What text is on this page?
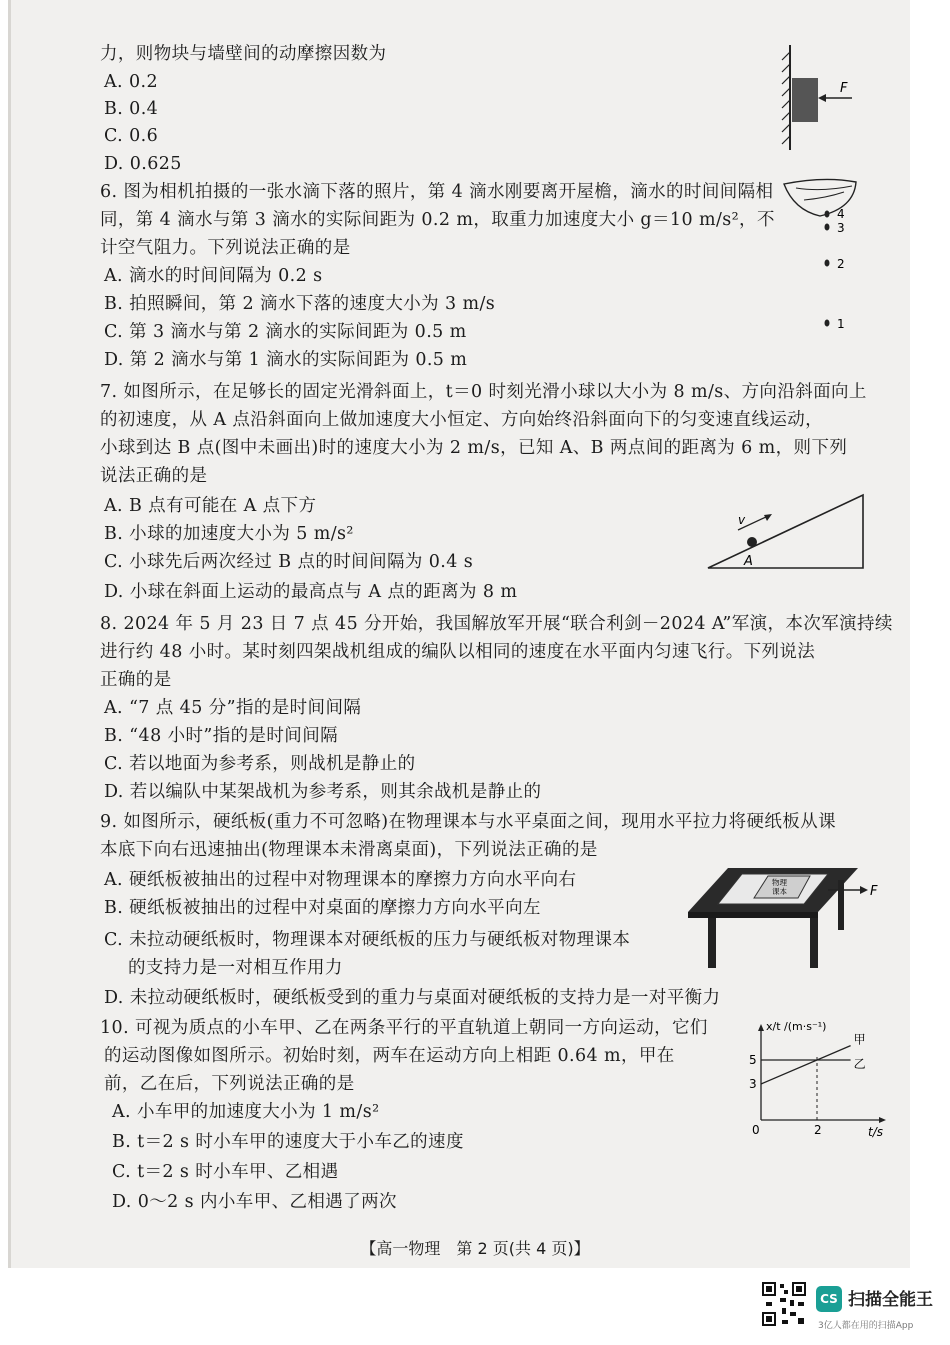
力，则物块与墙壁间的动摩擦因数为
A. 0.2
B. 0.4
C. 0.6
D. 0.625
F
6. 图为相机拍摄的一张水滴下落的照片，第 4 滴水刚要离开屋檐，滴水的时间间隔相
同，第 4 滴水与第 3 滴水的实际间距为 0.2 m，取重力加速度大小 g＝10 m/s²，不
计空气阻力。下列说法正确的是
A. 滴水的时间间隔为 0.2 s
B. 拍照瞬间，第 2 滴水下落的速度大小为 3 m/s
C. 第 3 滴水与第 2 滴水的实际间距为 0.5 m
D. 第 2 滴水与第 1 滴水的实际间距为 0.5 m
4
3
2
1
7. 如图所示，在足够长的固定光滑斜面上，t＝0 时刻光滑小球以大小为 8 m/s、方向沿斜面向上
的初速度，从 A 点沿斜面向上做加速度大小恒定、方向始终沿斜面向下的匀变速直线运动，
小球到达 B 点(图中未画出)时的速度大小为 2 m/s，已知 A、B 两点间的距离为 6 m，则下列
说法正确的是
A. B 点有可能在 A 点下方
B. 小球的加速度大小为 5 m/s²
C. 小球先后两次经过 B 点的时间间隔为 0.4 s
D. 小球在斜面上运动的最高点与 A 点的距离为 8 m
v
A
8. 2024 年 5 月 23 日 7 点 45 分开始，我国解放军开展“联合利剑－2024 A”军演，本次军演持续
进行约 48 小时。某时刻四架战机组成的编队以相同的速度在水平面内匀速飞行。下列说法
正确的是
A. “7 点 45 分”指的是时间间隔
B. “48 小时”指的是时间间隔
C. 若以地面为参考系，则战机是静止的
D. 若以编队中某架战机为参考系，则其余战机是静止的
9. 如图所示，硬纸板(重力不可忽略)在物理课本与水平桌面之间，现用水平拉力将硬纸板从课
本底下向右迅速抽出(物理课本未滑离桌面)，下列说法正确的是
A. 硬纸板被抽出的过程中对物理课本的摩擦力方向水平向右
B. 硬纸板被抽出的过程中对桌面的摩擦力方向水平向左
C. 未拉动硬纸板时，物理课本对硬纸板的压力与硬纸板对物理课本
的支持力是一对相互作用力
D. 未拉动硬纸板时，硬纸板受到的重力与桌面对硬纸板的支持力是一对平衡力
物理
课本	F
10. 可视为质点的小车甲、乙在两条平行的平直轨道上朝同一方向运动，它们
的运动图像如图所示。初始时刻，两车在运动方向上相距 0.64 m，甲在
前，乙在后，下列说法正确的是
A. 小车甲的加速度大小为 1 m/s²
B. t＝2 s 时小车甲的速度大于小车乙的速度
C. t＝2 s 时小车甲、乙相遇
D. 0～2 s 内小车甲、乙相遇了两次
x/t /(m·s⁻¹)
t/s
0
3
5
2
甲
乙
【高一物理　第 2 页(共 4 页)】
CS 扫描全能王
3亿人都在用的扫描App
